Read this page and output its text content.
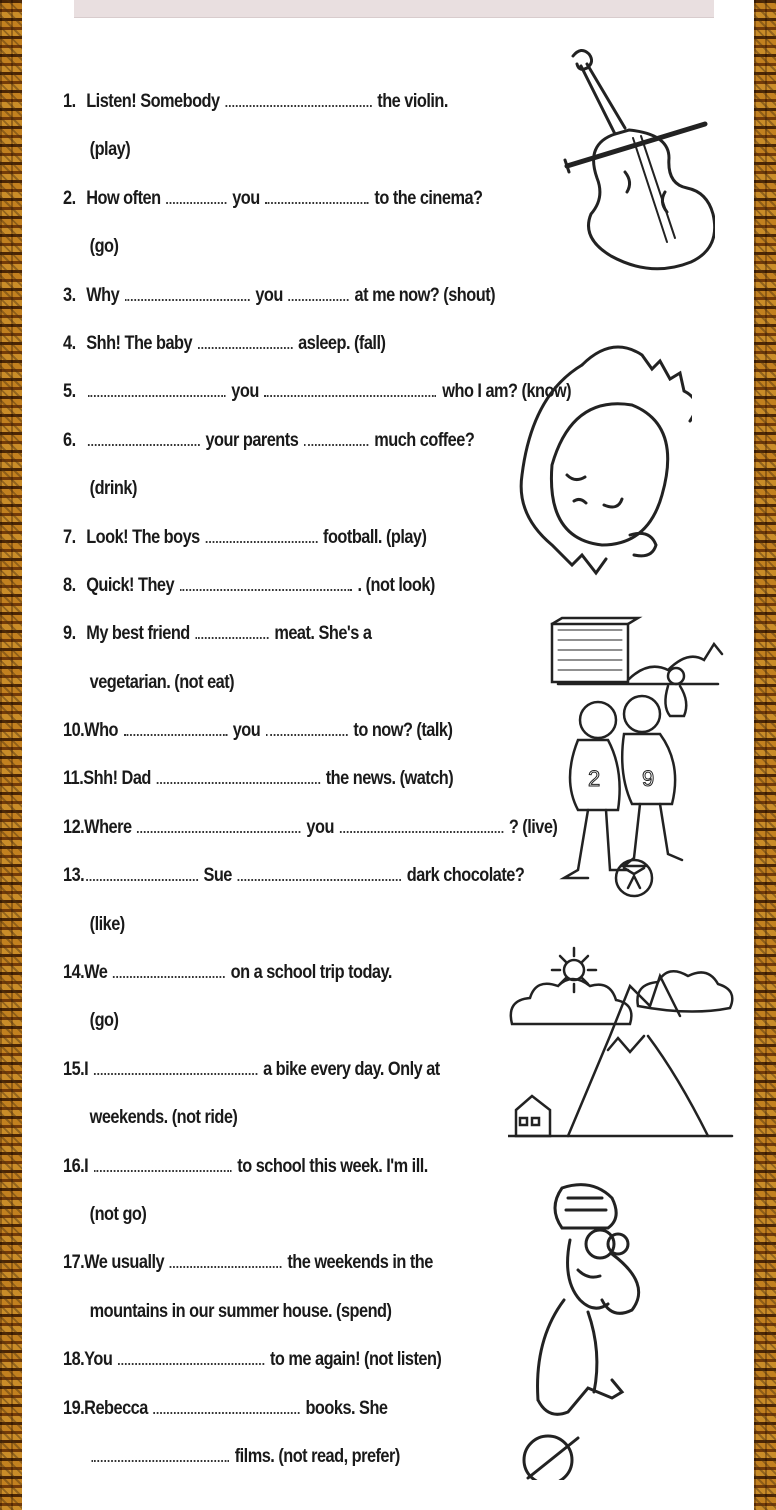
1. Listen! Somebody	the violin.
(play)
2. How often	you	to the cinema?
(go)
3. Why	you	at me now? (shout)
4. Shh! The baby	asleep. (fall)
5.	you	who I am? (know)
6.	your parents	much coffee?
(drink)
7. Look! The boys	football. (play)
8. Quick! They	. (not look)
9. My best friend	meat. She's a
vegetarian. (not eat)
10.Who	you	to now? (talk)
11.Shh! Dad	the news. (watch)
12.Where	you	? (live)
13.	Sue	dark chocolate?
(like)
14.We	on a school trip today.
(go)
15.I	a bike every day. Only at
weekends. (not ride)
16.I	to school this week. I'm ill.
(not go)
17.We usually	the weekends in the
mountains in our summer house. (spend)
18.You	to me again! (not listen)
19.Rebecca	books. She
films. (not read, prefer)
2 9
